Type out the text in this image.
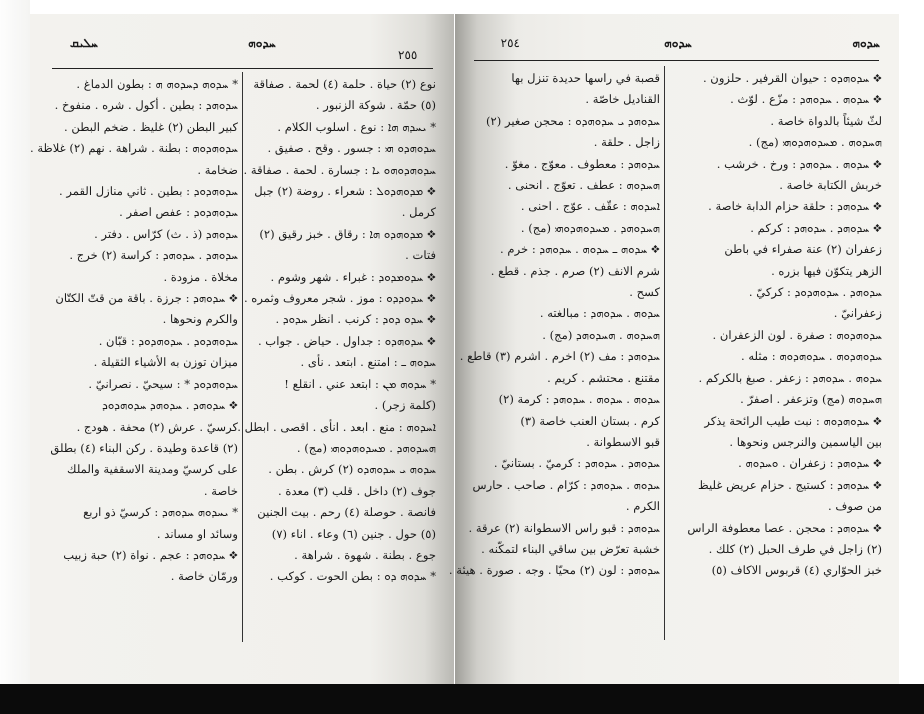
ܚܠܝܩ	ܚܕܘܗ
٢٥٥
نوع (٢) حياة . حلمة (٤) لحمة . صفاقة
(٥) حمّة . شوكة الزنبور .
* ܝܚܕܗ ܗܐ : نوع . اسلوب الكلام .
ܚܕܘܗܕܘ ܗܝ : جسور . وقح . صفيق .
ܚܕܘܗܕܘܗܘ ܝܐ : جسارة . لحمة . صفاقة .
❖ ܡܕܘܗܕܘܠ : شعراء . روضة (٢) جبل
كرمل .
❖ ܡܕܘܗܕܘ ܗܐ : رقاق . خبز رقيق (٢)
فتات .
❖ ܚܕܘܡܕܘܕ : غبراء . شهر وشوم .
❖ ܚܕܘܕܕܘ : موز . شجر معروف وثمره .
❖ ܚܕܘ ܕܘܕ : كرنب . انظر ܚܕܘܕ .
❖ ܚܕܘܗܕܘ : جداول . حياض . جواب .
ܚܕܘܗ ـ : امتنع . ابتعد . نأى .
* ܚܕܘܗ ܡܢ : ابتعد عني . انقلع !
(كلمة زجر) .
ܐܚܕܘܗ : منع . ابعد . انأى . اقصى . ابطل .
ܗܚܕܘܗܕ . ܡܚܕܘܗܕܘܗܝ (مج) .
ܚܕܘܗ ܝ ܚܕܘܗܕܘ (٢) كرش . بطن .
جوف (٢) داخل . قلب (٣) معدة .
فانصة . حوصلة (٤) رحم . بيت الجنين
(٥) حول . جنين (٦) وعاء . اناء (٧)
جوع . بطنة . شهوة . شراهة .
* ܚܕܘܗ ܕܘ : بطن الحوت . كوكب .
* ܚܕܘܗ ܕܚܕܘܗ ܗ : بطون الدماغ .
ܚܕܘܗܕ : بطين . أكول . شره . منفوخ .
كبير البطن (٢) غليظ . ضخم البطن .
ܚܕܘܗܕܘܗ : بطنة . شراهة . نهم (٢) غلاظة .
ضخامة .
ܚܕܘܗܕܘܕ : بطين . ثاني منازل القمر .
ܚܕܘܗܕܘܕ : عفص اصفر .
ܚܕܘܗܕ (ذ . ث) كرّاس . دفتر .
ܚܕܘܗܕ . ܚܕܘܗܕ : كراسة (٢) خرج .
مخلاة . مزودة .
❖ ܚܕܘܗܕ : جرزة . باقة من قتّ الكتّان
والكرم ونحوها .
ܚܕܘܗܕܘܕ . ܚܕܘܗܕܘܕ : قبّان .
ميزان توزن به الأشياء الثقيلة .
ܚܕܘܗܕܘܕ * : سيحيّ . نصرانيّ .
❖ ܚܕܘܗܕ . ܚܕܘܗܕ ܚܕܘܗܕܘܕ
كرسيّ . عرش (٢) محفة . هودج .
(٢) قاعدة وطيدة . ركن البناء (٤) بطلق
على كرسيّ ومدينة الاسقفية والملك
خاصة .
* ܝܚܕܘܗ ܚܕܘܗܕ : كرسيّ ذو اربع
وسائد او مساند .
❖ ܚܕܘܗܕ : عجم . نواة (٢) حبة زبيب
ورمّان خاصة .
٢٥٤	ܚܕܘܗ	ܚܕܘܗ
قصبة في راسها حديدة تنزل بها
القناديل خاصّة .
ܚܕܘܗܕ ܝ ܚܕܘܗܕܘ : محجن صغير (٢)
زاجل . حلقة .
ܚܕܘܗܕ : معطوف . معوّج . مغوّ .
ܗܚܕܘܗ : عطف . تعوّج . انحنى .
ܐܚܕܘܗ : عقّف . عوّج . احنى .
ܗܚܕܘܗܕ . ܡܚܕܘܗܕܘܗܝ (مج) .
❖ ܚܕܘܗ ـ ܚܕܘܗ . ܚܕܘܗܕ : خرم .
شرم الانف (٢) صرم . جذم . قطع .
كسح .
ܚܕܘܗ . ܚܕܘܗܕ : مبالغته .
ܗܚܕܘܗ . ܗܚܕܘܗܕ (مج) .
ܚܕܘܗܕ : مف (٢) اخرم . اشرم (٣) قاطع .
مقتنع . محتشم . كريم .
ܚܕܘܗ . ܚܕܘܗ . ܚܕܘܗܕ : كرمة (٢)
كرم . بستان العنب خاصة (٣)
قبو الاسطوانة .
ܚܕܘܗܕ . ܚܕܘܗܕ : كرميّ . بستانيّ .
ܚܕܘܗ . ܚܕܘܗܕ : كرّام . صاحب . حارس
الكرم .
ܚܕܘܗܕ : قبو راس الاسطوانة (٢) عرقة .
خشبة تعرّض بين ساقي البناء لتمكّنه .
ܚܕܘܗܕ : لون (٢) محيّا . وجه . صورة . هيئة .
❖ ܚܕܘܗܕܘ : حيوان القرفير . حلزون .
❖ ܚܕܘܗ . ܚܕܘܗܕ : مزّع . لوّث .
لثّ شيئاً بالدواة خاصة .
ܗܚܕܘܗ . ܡܚܕܘܗܕܘܗܝ (مج) .
❖ ܚܕܘܗ . ܚܕܘܗܕ : ورخ . خرشب .
خربش الكتابة خاصة .
❖ ܚܕܘܗܕ : حلقة حزام الدابة خاصة .
❖ ܚܕܘܗܕ . ܚܕܘܗܕ : كركم .
زعفران (٢) عنة صفراء في باطن
الزهر يتكوّن فيها بزره .
ܚܕܘܗܕ . ܚܕܘܗܕܘܕ : كركيّ .
زعفرانيّ .
ܚܕܘܗܕܘܗ : صفرة . لون الزعفران .
ܚܕܘܗܕܘܗ . ܚܕܘܗܕܘܗ : مثله .
ܚܕܘܗ . ܚܕܘܗܕ : زعفر . صبغ بالكركم .
ܗܚܕܘܗ (مج) وتزعفر . اصفرّ .
❖ ܚܕܘܗܕܘܗ : نبت طيب الرائحة يذكر
بين الياسمين والنرجس ونحوها .
❖ ܚܕܘܗܕ : زعفران . ܘܚܕܘܗ .
❖ ܚܕܘܗܕ : كستيج . حزام عريض غليظ
من صوف .
❖ ܚܕܘܗܕ : محجن . عصا معطوفة الراس
(٢) زاجل في طرف الحبل (٢) كلك .
خبز الحوّاري (٤) قربوس الاكاف (٥)
